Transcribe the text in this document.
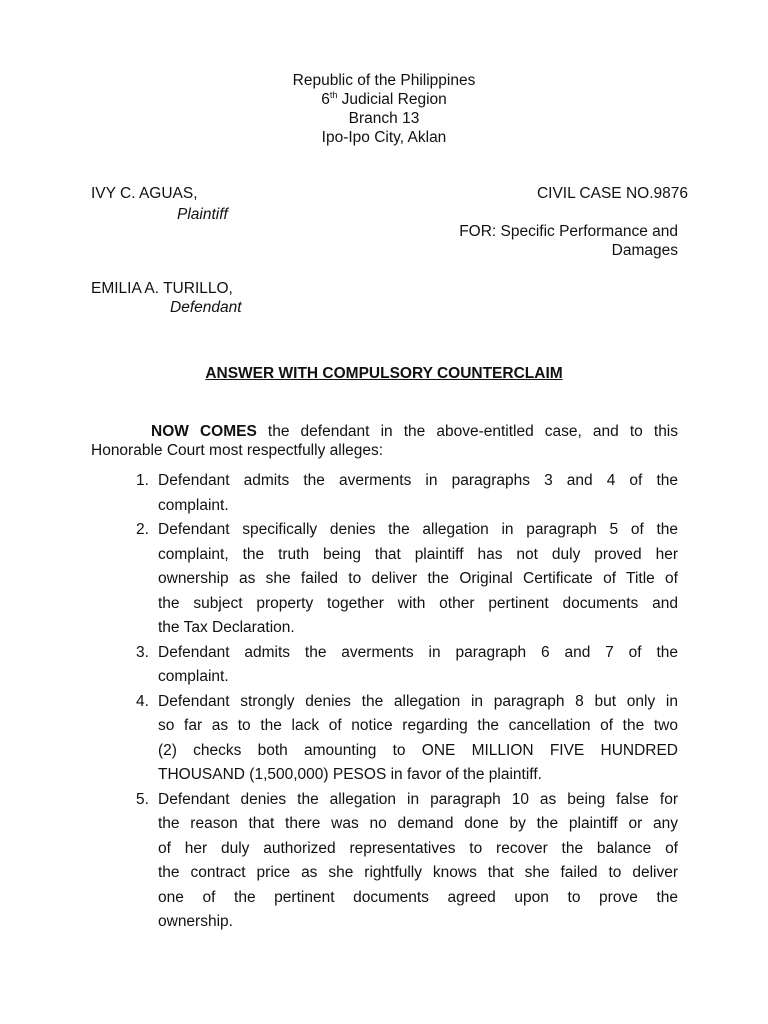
Republic of the Philippines
6th Judicial Region
Branch 13
Ipo-Ipo City, Aklan
IVY C. AGUAS,
Plaintiff
CIVIL CASE NO.9876
FOR: Specific Performance and
Damages
EMILIA A. TURILLO,
Defendant
ANSWER WITH COMPULSORY COUNTERCLAIM
NOW COMES the defendant in the above-entitled case, and to this
Honorable Court most respectfully alleges:
1. Defendant admits the averments in paragraphs 3 and 4 of the
complaint.
2. Defendant specifically denies the allegation in paragraph 5 of the
complaint, the truth being that plaintiff has not duly proved her
ownership as she failed to deliver the Original Certificate of Title of
the subject property together with other pertinent documents and
the Tax Declaration.
3. Defendant admits the averments in paragraph 6 and 7 of the
complaint.
4. Defendant strongly denies the allegation in paragraph 8 but only in
so far as to the lack of notice regarding the cancellation of the two
(2) checks both amounting to ONE MILLION FIVE HUNDRED
THOUSAND (1,500,000) PESOS in favor of the plaintiff.
5. Defendant denies the allegation in paragraph 10 as being false for
the reason that there was no demand done by the plaintiff or any
of her duly authorized representatives to recover the balance of
the contract price as she rightfully knows that she failed to deliver
one of the pertinent documents agreed upon to prove the
ownership.
